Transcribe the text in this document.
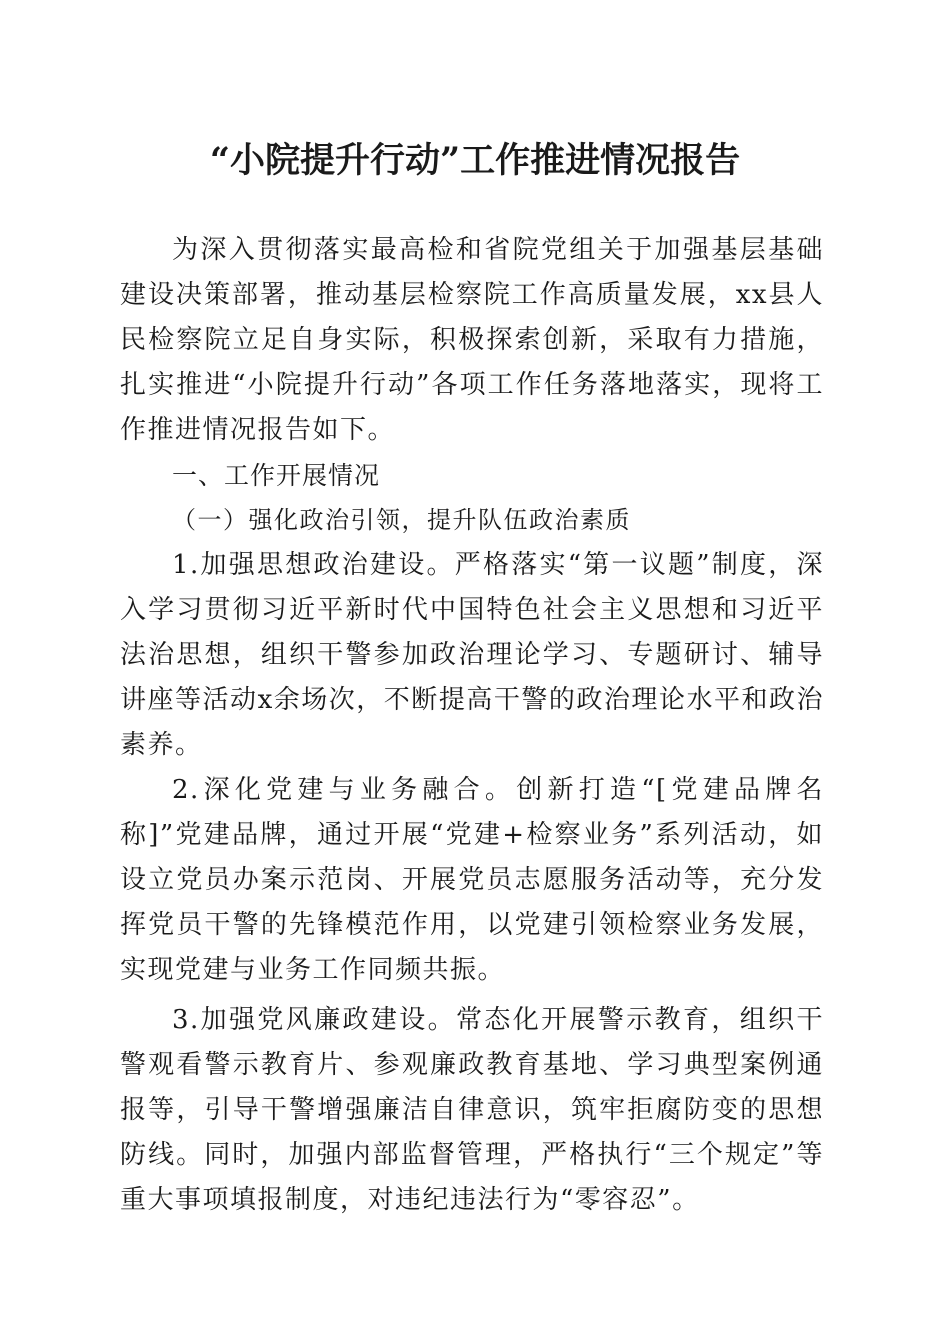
“小院提升行动”工作推进情况报告

为深入贯彻落实最高检和省院党组关于加强基层基础建设决策部署，推动基层检察院工作高质量发展，xx县人民检察院立足自身实际，积极探索创新，采取有力措施，扎实推进“小院提升行动”各项工作任务落地落实，现将工作推进情况报告如下。

一、工作开展情况

（一）强化政治引领，提升队伍政治素质

1.加强思想政治建设。严格落实“第一议题”制度，深入学习贯彻习近平新时代中国特色社会主义思想和习近平法治思想，组织干警参加政治理论学习、专题研讨、辅导讲座等活动x余场次，不断提高干警的政治理论水平和政治素养。

2.深化党建与业务融合。创新打造“[党建品牌名称]”党建品牌，通过开展“党建+检察业务”系列活动，如设立党员办案示范岗、开展党员志愿服务活动等，充分发挥党员干警的先锋模范作用，以党建引领检察业务发展，实现党建与业务工作同频共振。

3.加强党风廉政建设。常态化开展警示教育，组织干警观看警示教育片、参观廉政教育基地、学习典型案例通报等，引导干警增强廉洁自律意识，筑牢拒腐防变的思想防线。同时，加强内部监督管理，严格执行“三个规定”等重大事项填报制度，对违纪违法行为“零容忍”。
